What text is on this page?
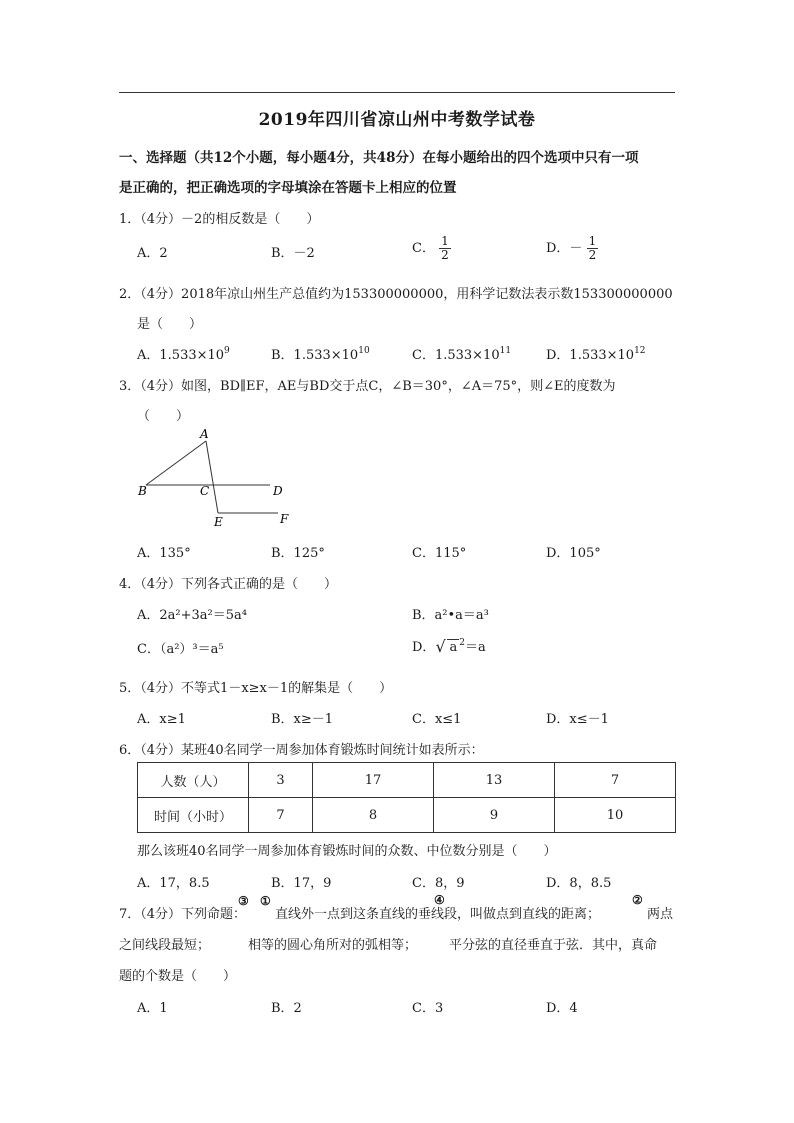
2019年四川省凉山州中考数学试卷
一、选择题（共12个小题，每小题4分，共48分）在每小题给出的四个选项中只有一项
是正确的，把正确选项的字母填涂在答题卡上相应的位置
1．（4分）－2的相反数是（　　）
A．2	B．－2	C． $\frac{1}{2}$	D．－ $\frac{1}{2}$
2．（4分）2018年凉山州生产总值约为153300000000，用科学记数法表示数153300000000
是（　　）
A．$1.533\times 10^9$	B．$1.533\times 10^{10}$	C．$1.533\times 10^{11}$	D．$1.533\times 10^{12}$
3．（4分）如图，BD∥EF，AE与BD交于点C，∠B＝30°，∠A＝75°，则∠E的度数为
（　　）
A
B	C	D
E	F
A．135°	B．125°	C．115°	D．105°
4．（4分）下列各式正确的是（　　）
A．2a²+3a²＝5a⁴	B．a²•a＝a³
C．（a²）³＝a⁵	D． √ a $^2$＝a
5．（4分）不等式1－x≥x－1的解集是（　　）
A．x≥1	B．x≥－1	C．x≤1	D．x≤－1
6．（4分）某班40名同学一周参加体育锻炼时间统计如表所示：
人数（人）	3	17	13	7
时间（小时）	7	8	9	10
那么该班40名同学一周参加体育锻炼时间的众数、中位数分别是（　　）
A．17，8.5	B．17，9	C．8，9	D．8，8.5
7．（4分）下列命题：
③ ①
直线外一点到这条直线的垂线段，叫做点到直线的距离；
④	②
两点
之间线段最短；	相等的圆心角所对的弧相等； 平分弦的直径垂直于弦．其中，真命
题的个数是（　　）
A．1	B．2	C．3	D．4
